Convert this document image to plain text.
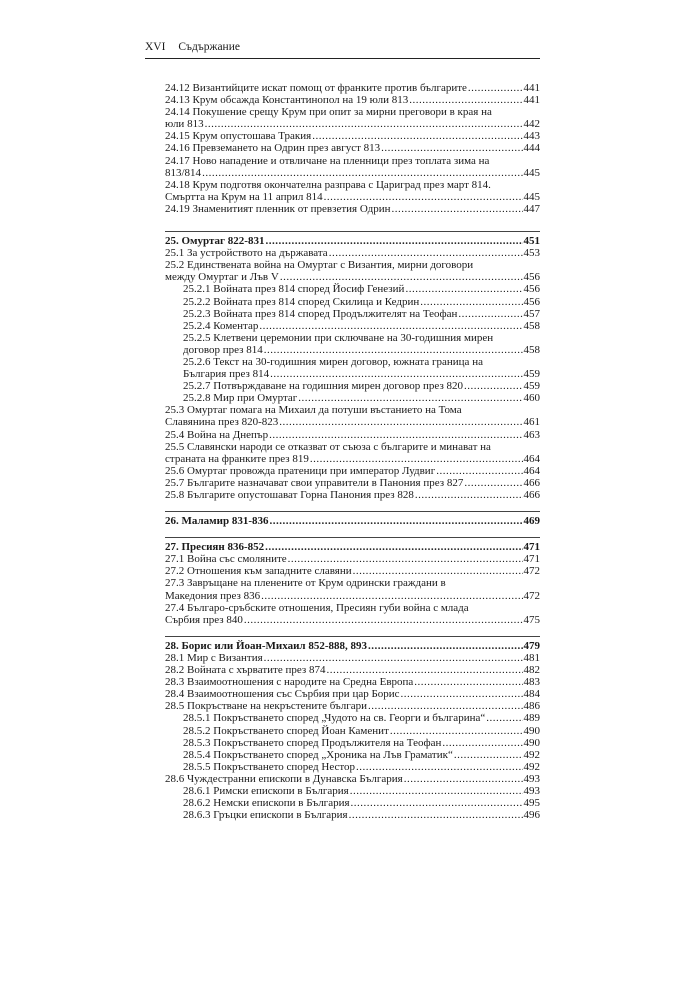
XVI Съдържание
24.12 Византийците искат помощ от франките против българите .....	441
24.13 Крум обсажда Константинопол на 19 юли 813 .....	441
24.14 Покушение срещу Крум при опит за мирни преговори в края на
юли 813 .....	442
24.15 Крум опустошава Тракия .....	443
24.16 Превземането на Одрин през август 813 .....	444
24.17 Ново нападение и отвличане на пленници през топлата зима на
813/814 .....	445
24.18 Крум подготвя окончателна разправа с Цариград през март 814.
Смъртта на Крум на 11 април 814 .....	445
24.19 Знаменитият пленник от превзетия Одрин .....	447
25. Омуртаг 822-831 .....	451
25.1 За устройството на държавата .....	453
25.2 Единствената война на Омуртаг с Византия, мирни договори
между Омуртаг и Лъв V .....	456
25.2.1 Войната през 814 според Йосиф Генезий .....	456
25.2.2 Войната през 814 според Скилица и Кедрин .....	456
25.2.3 Войната през 814 според Продължителят на Теофан .....	457
25.2.4 Коментар .....	458
25.2.5 Клетвени церемонии при сключване на 30-годишния мирен
договор през 814 .....	458
25.2.6 Текст на 30-годишния мирен договор, южната граница на
България през 814 .....	459
25.2.7 Потвърждаване на годишния мирен договор през 820 .....	459
25.2.8 Мир при Омуртаг .....	460
25.3 Омуртаг помага на Михаил да потуши въстанието на Тома
Славянина през 820-823 .....	461
25.4 Война на Днепър .....	463
25.5 Славянски народи се отказват от съюза с българите и минават на
страната на франките през 819 .....	464
25.6 Омуртаг провожда пратеници при император Лудвиг .....	464
25.7 Българите назначават свои управители в Панония през 827 .....	466
25.8 Българите опустошават Горна Панония през 828 .....	466
26. Маламир 831-836 .....	469
27. Пресиян 836-852 .....	471
27.1 Война със смоляните .....	471
27.2 Отношения към западните славяни .....	472
27.3 Завръщане на пленените от Крум одрински граждани в
Македония през 836 .....	472
27.4 Българо-сръбските отношения, Пресиян губи война с млада
Сърбия през 840 .....	475
28. Борис или Йоан-Михаил 852-888, 893 .....	479
28.1 Мир с Византия .....	481
28.2 Войната с хърватите през 874 .....	482
28.3 Взаимоотношения с народите на Средна Европа .....	483
28.4 Взаимоотношения със Сърбия при цар Борис .....	484
28.5 Покръстване на некръстените българи .....	486
28.5.1 Покръстването според „Чудото на св. Георги и българина“ .....	489
28.5.2 Покръстването според Йоан Каменит .....	490
28.5.3 Покръстването според Продължителя на Теофан .....	490
28.5.4 Покръстването според „Хроника на Лъв Граматик“ .....	492
28.5.5 Покръстването според Нестор .....	492
28.6 Чуждестранни епископи в Дунавска България .....	493
28.6.1 Римски епископи в България .....	493
28.6.2 Немски епископи в България .....	495
28.6.3 Гръцки епископи в България .....	496
